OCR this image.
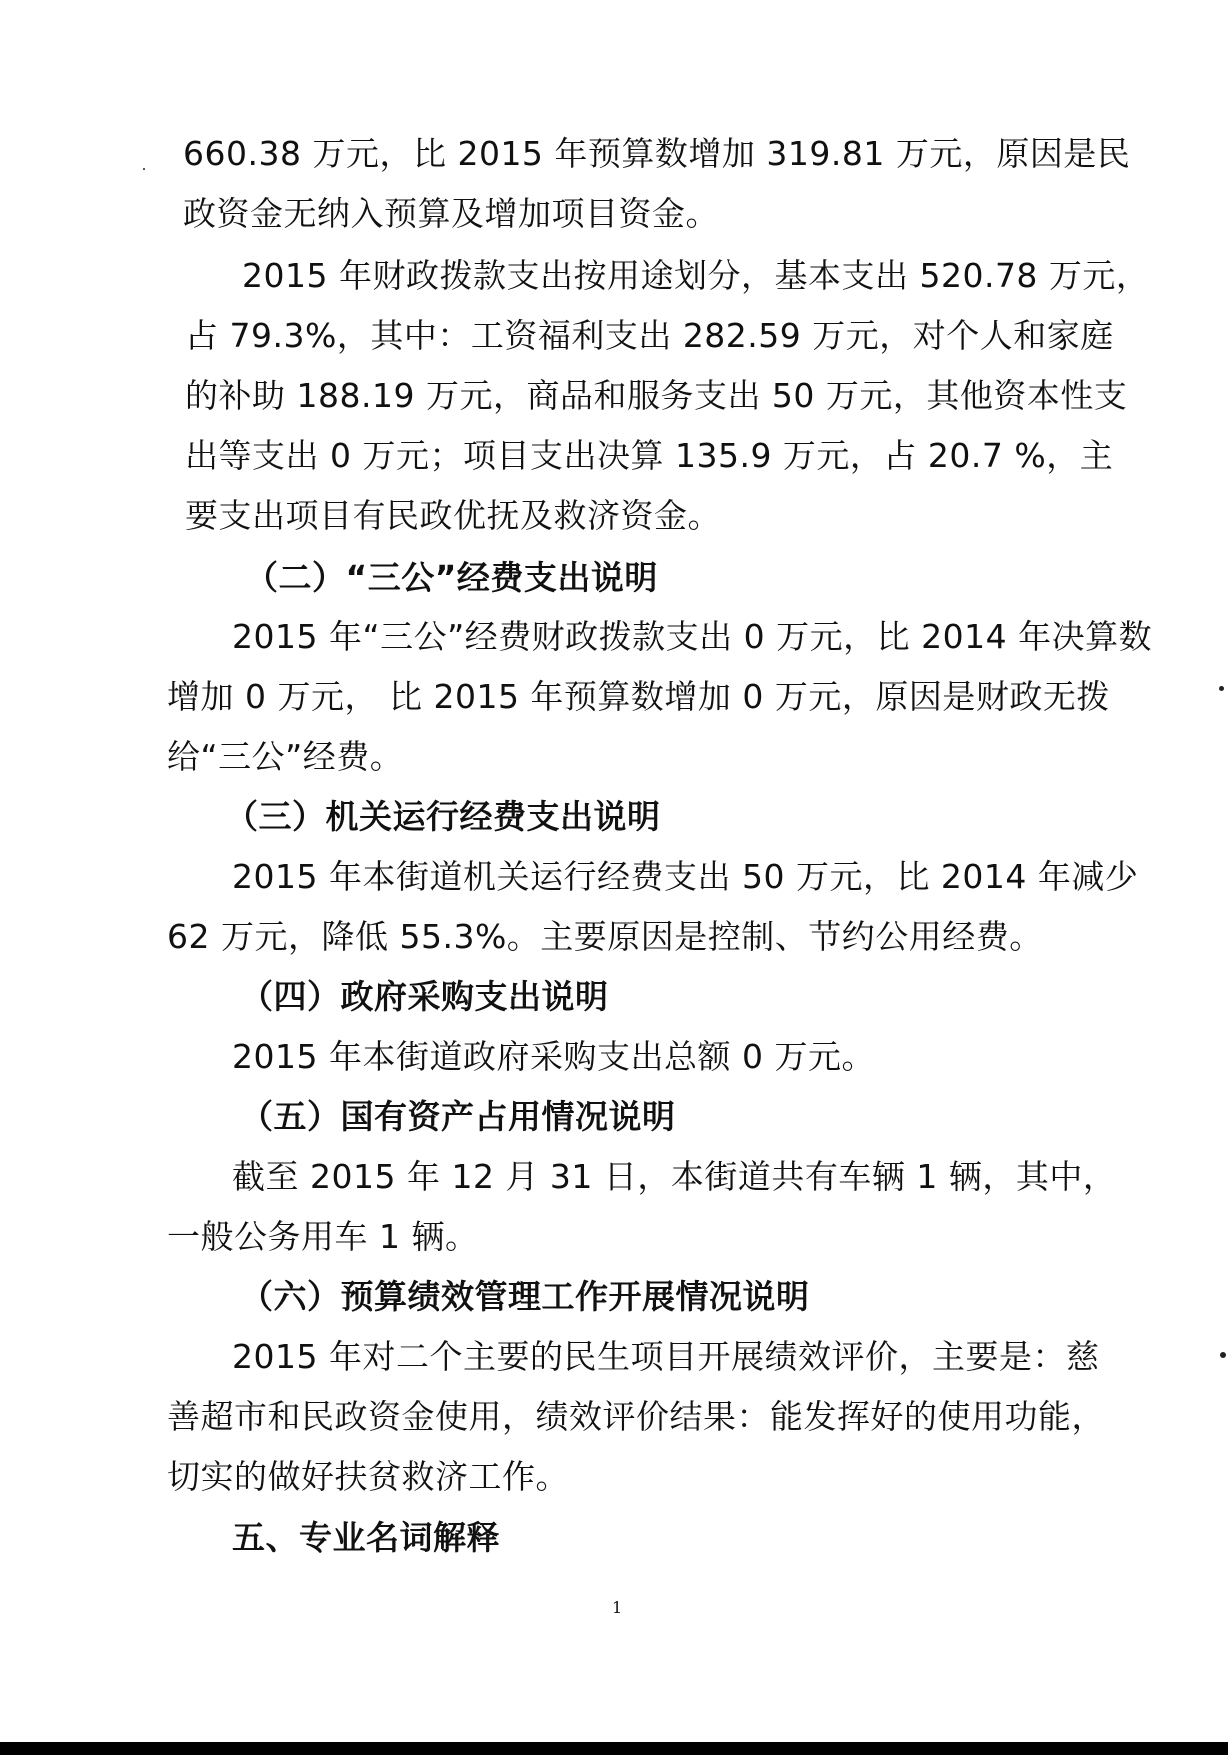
660.38 万元，比 2015 年预算数增加 319.81 万元，原因是民
政资金无纳入预算及增加项目资金。
2015 年财政拨款支出按用途划分，基本支出 520.78 万元，
占 79.3%，其中：工资福利支出 282.59 万元，对个人和家庭
的补助 188.19 万元，商品和服务支出 50 万元，其他资本性支
出等支出 0 万元；项目支出决算 135.9 万元，占 20.7 %，主
要支出项目有民政优抚及救济资金。
（二）“三公”经费支出说明
2015 年“三公”经费财政拨款支出 0 万元，比 2014 年决算数
增加 0 万元， 比 2015 年预算数增加 0 万元，原因是财政无拨
给“三公”经费。
（三）机关运行经费支出说明
2015 年本街道机关运行经费支出 50 万元，比 2014 年减少
62 万元，降低 55.3%。主要原因是控制、节约公用经费。
（四）政府采购支出说明
2015 年本街道政府采购支出总额 0 万元。
（五）国有资产占用情况说明
截至 2015 年 12 月 31 日，本街道共有车辆 1 辆，其中，
一般公务用车 1 辆。
（六）预算绩效管理工作开展情况说明
2015 年对二个主要的民生项目开展绩效评价，主要是：慈
善超市和民政资金使用，绩效评价结果：能发挥好的使用功能，
切实的做好扶贫救济工作。
五、专业名词解释
1
